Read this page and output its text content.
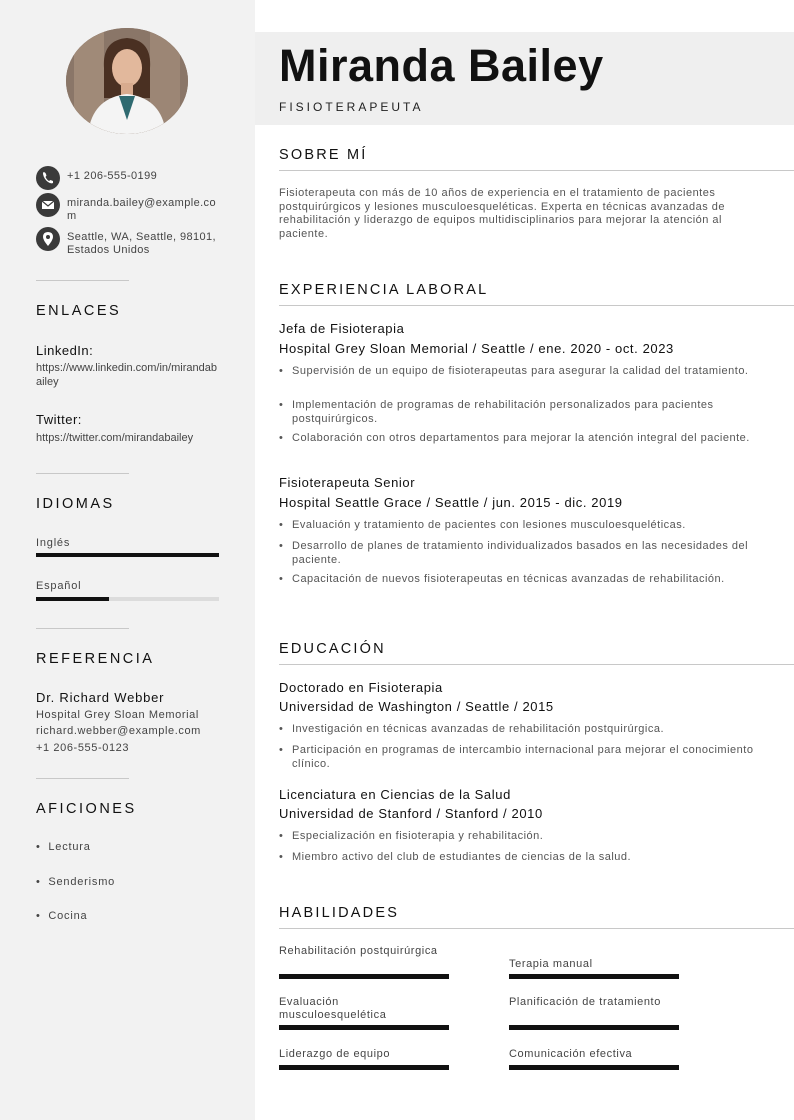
+1 206-555-0199
miranda.bailey@example.com
Seattle, WA, Seattle, 98101, Estados Unidos
ENLACES
LinkedIn:
https://www.linkedin.com/in/mirandabailey
Twitter:
https://twitter.com/mirandabailey
IDIOMAS
Inglés
Español
REFERENCIA
Dr. Richard Webber
Hospital Grey Sloan Memorial
richard.webber@example.com
+1 206-555-0123
AFICIONES
•  Lectura
•  Senderismo
•  Cocina
Miranda Bailey
FISIOTERAPEUTA
SOBRE MÍ
Fisioterapeuta con más de 10 años de experiencia en el tratamiento de pacientes postquirúrgicos y lesiones musculoesqueléticas. Experta en técnicas avanzadas de rehabilitación y liderazgo de equipos multidisciplinarios para mejorar la atención al paciente.
EXPERIENCIA LABORAL
Jefa de Fisioterapia
Hospital Grey Sloan Memorial / Seattle / ene. 2020 - oct. 2023
• Supervisión de un equipo de fisioterapeutas para asegurar la calidad del tratamiento.
• Implementación de programas de rehabilitación personalizados para pacientes postquirúrgicos.
• Colaboración con otros departamentos para mejorar la atención integral del paciente.
Fisioterapeuta Senior
Hospital Seattle Grace / Seattle / jun. 2015 - dic. 2019
• Evaluación y tratamiento de pacientes con lesiones musculoesqueléticas.
• Desarrollo de planes de tratamiento individualizados basados en las necesidades del paciente.
• Capacitación de nuevos fisioterapeutas en técnicas avanzadas de rehabilitación.
EDUCACIÓN
Doctorado en Fisioterapia
Universidad de Washington / Seattle / 2015
• Investigación en técnicas avanzadas de rehabilitación postquirúrgica.
• Participación en programas de intercambio internacional para mejorar el conocimiento clínico.
Licenciatura en Ciencias de la Salud
Universidad de Stanford / Stanford / 2010
• Especialización en fisioterapia y rehabilitación.
• Miembro activo del club de estudiantes de ciencias de la salud.
HABILIDADES
Rehabilitación postquirúrgica
Terapia manual
Evaluación musculoesquelética
Planificación de tratamiento
Liderazgo de equipo	Comunicación efectiva
